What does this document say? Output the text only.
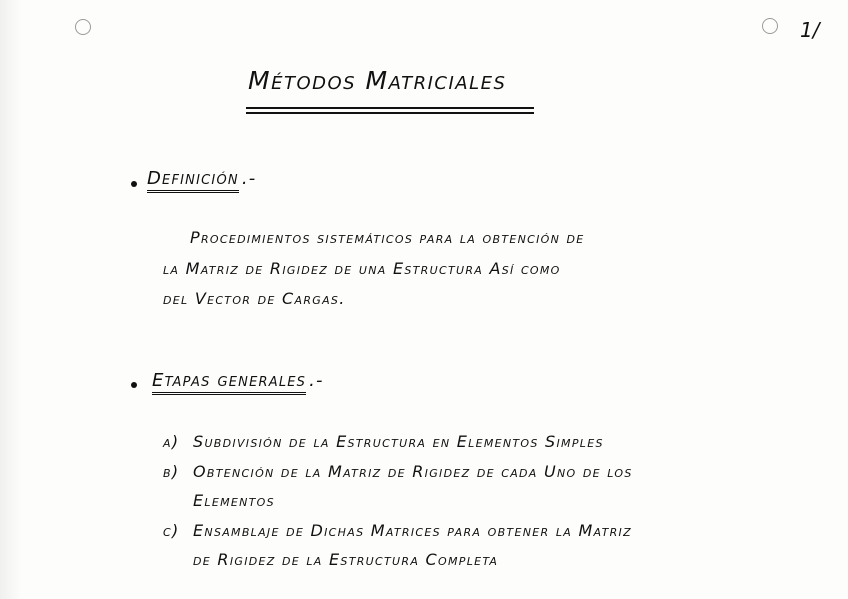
1/
Métodos Matriciales
Definición .-
Procedimientos sistemáticos para la obtención de
la Matriz de Rigidez de una Estructura Así como
del Vector de Cargas.
Etapas generales .-
a) Subdivisión de la Estructura en Elementos Simples
b) Obtención de la Matriz de Rigidez de cada Uno de los
Elementos
c) Ensamblaje de Dichas Matrices para obtener la Matriz
de Rigidez de la Estructura Completa
